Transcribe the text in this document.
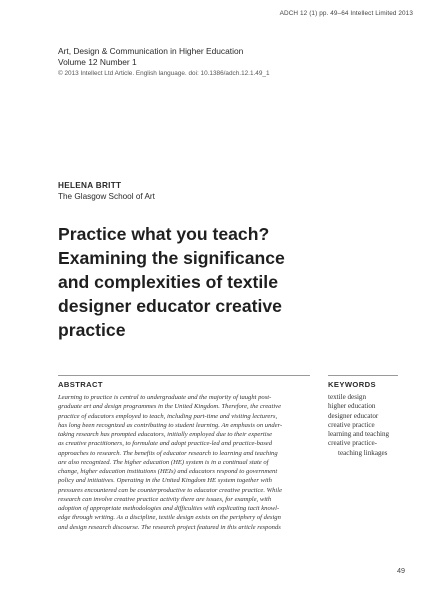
ADCH 12 (1) pp. 49–64 Intellect Limited 2013
Art, Design & Communication in Higher Education
Volume 12 Number 1
© 2013 Intellect Ltd Article. English language. doi: 10.1386/adch.12.1.49_1
HELENA BRITT
The Glasgow School of Art
Practice what you teach?
Examining the significance
and complexities of textile
designer educator creative
practice
ABSTRACT	KEYWORDS
Learning to practice is central to undergraduate and the majority of taught post-
graduate art and design programmes in the United Kingdom. Therefore, the creative
practice of educators employed to teach, including part-time and visiting lecturers,
has long been recognized as contributing to student learning. An emphasis on under-
taking research has prompted educators, initially employed due to their expertise
as creative practitioners, to formulate and adopt practice-led and practice-based
approaches to research. The benefits of educator research to learning and teaching
are also recognized. The higher education (HE) system is in a continual state of
change, higher education institutions (HEIs) and educators respond to government
policy and initiatives. Operating in the United Kingdom HE system together with
pressures encountered can be counterproductive to educator creative practice. While
research can involve creative practice activity there are issues, for example, with
adoption of appropriate methodologies and difficulties with explicating tacit knowl-
edge through writing. As a discipline, textile design exists on the periphery of design
and design research discourse. The research project featured in this article responds
textile design
higher education
designer educator
creative practice
learning and teaching
creative practice-
teaching linkages
49
